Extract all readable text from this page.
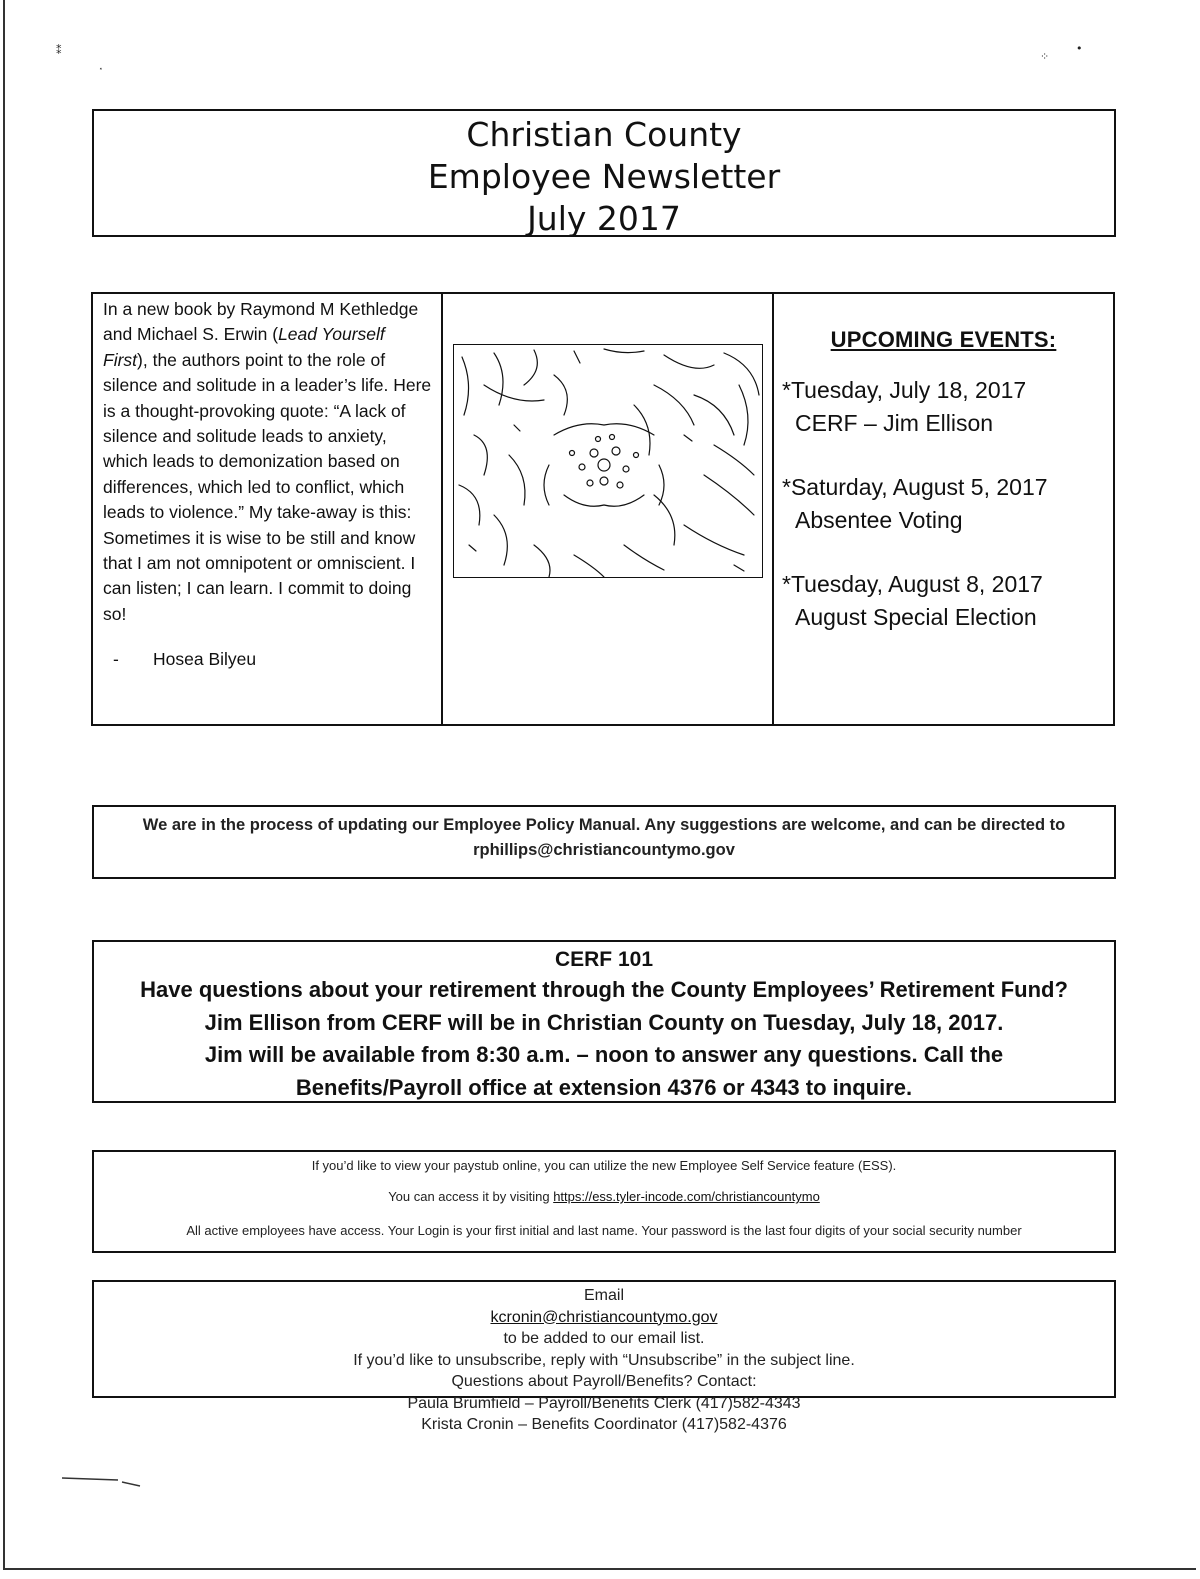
⁑
⸼
⁘
•
Christian County
Employee Newsletter
July 2017

In a new book by Raymond M Kethledge and Michael S. Erwin (Lead Yourself First), the authors point to the role of silence and solitude in a leader’s life. Here is a thought-provoking quote: “A lack of silence and solitude leads to anxiety, which leads to demonization based on differences, which led to conflict, which leads to violence.” My take-away is this: Sometimes it is wise to be still and know that I am not omnipotent or omniscient. I can listen; I can learn. I commit to doing so!

- Hosea Bilyeu
UPCOMING EVENTS:
*Tuesday, July 18, 2017
CERF – Jim Ellison
*Saturday, August 5, 2017
Absentee Voting
*Tuesday, August 8, 2017
August Special Election
We are in the process of updating our Employee Policy Manual. Any suggestions are welcome, and can be directed to
rphillips@christiancountymo.gov
CERF 101
Have questions about your retirement through the County Employees’ Retirement Fund?
Jim Ellison from CERF will be in Christian County on Tuesday, July 18, 2017.
Jim will be available from 8:30 a.m. – noon to answer any questions. Call the
Benefits/Payroll office at extension 4376 or 4343 to inquire.
If you’d like to view your paystub online, you can utilize the new Employee Self Service feature (ESS).
You can access it by visiting https://ess.tyler-incode.com/christiancountymo
All active employees have access. Your Login is your first initial and last name. Your password is the last four digits of your social security number
Email
kcronin@christiancountymo.gov
to be added to our email list.
If you’d like to unsubscribe, reply with “Unsubscribe” in the subject line.
Questions about Payroll/Benefits? Contact:
Paula Brumfield – Payroll/Benefits Clerk (417)582-4343
Krista Cronin – Benefits Coordinator (417)582-4376
